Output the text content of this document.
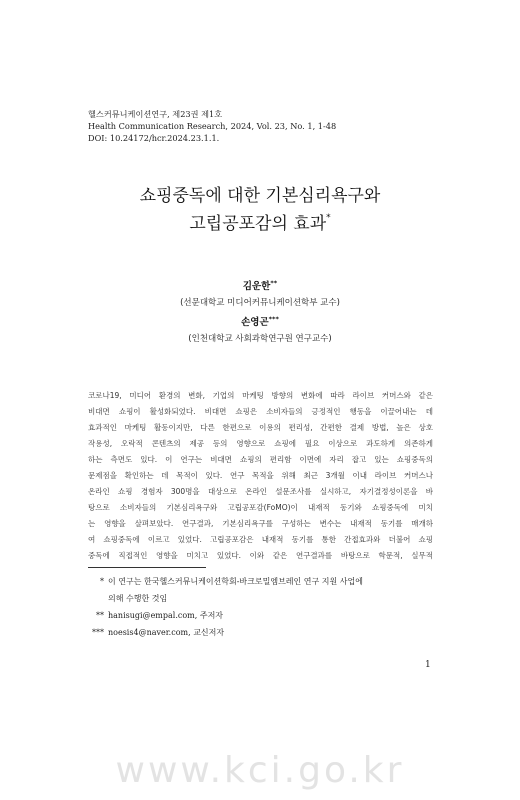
헬스커뮤니케이션연구, 제23권 제1호
Health Communication Research, 2024, Vol. 23, No. 1, 1-48
DOI: 10.24172/hcr.2024.23.1.1.
쇼핑중독에 대한 기본심리욕구와
고립공포감의 효과*
김운한**
(선문대학교 미디어커뮤니케이션학부 교수)
손영곤***
(인천대학교 사회과학연구원 연구교수)
코로나19, 미디어 환경의 변화, 기업의 마케팅 방향의 변화에 따라 라이브 커머스와 같은
비대면 쇼핑이 활성화되었다. 비대면 쇼핑은 소비자들의 긍정적인 행동을 이끌어내는 데
효과적인 마케팅 활동이지만, 다른 한편으로 이용의 편리성, 간편한 결제 방법, 높은 상호
작용성, 오락적 콘텐츠의 제공 등의 영향으로 쇼핑에 필요 이상으로 과도하게 의존하게
하는 측면도 있다. 이 연구는 비대면 쇼핑의 편리함 이면에 자리 잡고 있는 쇼핑중독의
문제점을 확인하는 데 목적이 있다. 연구 목적을 위해 최근 3개월 이내 라이브 커머스나
온라인 쇼핑 경험자 300명을 대상으로 온라인 설문조사를 실시하고, 자기결정성이론을 바
탕으로 소비자들의 기본심리욕구와 고립공포감(FoMO)이 내재적 동기와 쇼핑중독에 미치
는 영향을 살펴보았다. 연구결과, 기본심리욕구를 구성하는 변수는 내재적 동기를 매개하
여 쇼핑중독에 이르고 있었다. 고립공포감은 내재적 동기를 통한 간접효과와 더불어 쇼핑
중독에 직접적인 영향을 미치고 있었다. 이와 같은 연구결과를 바탕으로 학문적, 실무적
* 이 연구는 한국헬스커뮤니케이션학회-바크로밀엠브레인 연구 지원 사업에
의해 수행한 것임
** hanisugi@empal.com, 주저자
*** noesis4@naver.com, 교신저자
1
www.kci.go.kr
